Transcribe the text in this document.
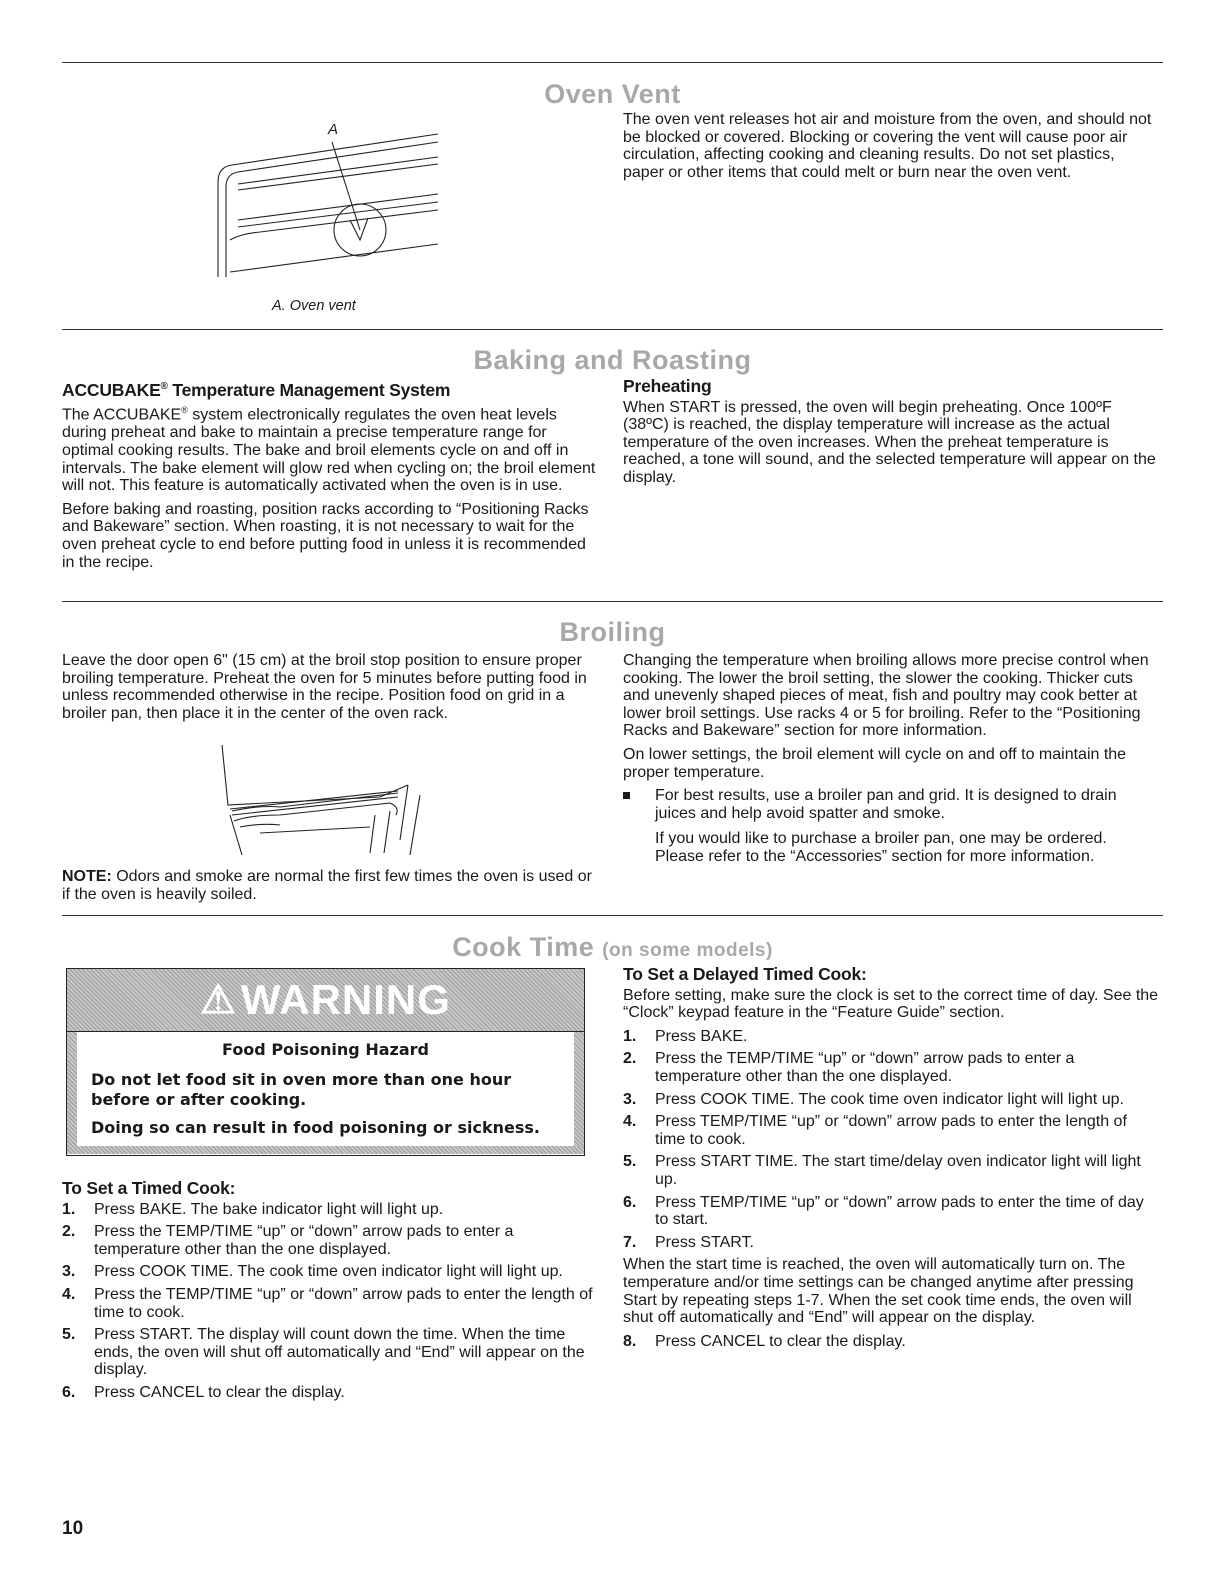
Oven Vent
A
A. Oven vent

The oven vent releases hot air and moisture from the oven, and should not be blocked or covered. Blocking or covering the vent will cause poor air circulation, affecting cooking and cleaning results. Do not set plastics, paper or other items that could melt or burn near the oven vent.

Baking and Roasting
ACCUBAKE® Temperature Management System

The ACCUBAKE® system electronically regulates the oven heat levels during preheat and bake to maintain a precise temperature range for optimal cooking results. The bake and broil elements cycle on and off in intervals. The bake element will glow red when cycling on; the broil element will not. This feature is automatically activated when the oven is in use.

Before baking and roasting, position racks according to “Positioning Racks and Bakeware” section. When roasting, it is not necessary to wait for the oven preheat cycle to end before putting food in unless it is recommended in the recipe.

Preheating

When START is pressed, the oven will begin preheating. Once 100ºF (38ºC) is reached, the display temperature will increase as the actual temperature of the oven increases. When the preheat temperature is reached, a tone will sound, and the selected temperature will appear on the display.

Broiling

Leave the door open 6" (15 cm) at the broil stop position to ensure proper broiling temperature. Preheat the oven for 5 minutes before putting food in unless recommended otherwise in the recipe. Position food on grid in a broiler pan, then place it in the center of the oven rack.

NOTE: Odors and smoke are normal the first few times the oven is used or if the oven is heavily soiled.

Changing the temperature when broiling allows more precise control when cooking. The lower the broil setting, the slower the cooking. Thicker cuts and unevenly shaped pieces of meat, fish and poultry may cook better at lower broil settings. Use racks 4 or 5 for broiling. Refer to the “Positioning Racks and Bakeware” section for more information.

On lower settings, the broil element will cycle on and off to maintain the proper temperature.

For best results, use a broiler pan and grid. It is designed to drain juices and help avoid spatter and smoke.

If you would like to purchase a broiler pan, one may be ordered. Please refer to the “Accessories” section for more information.

Cook Time (on some models)
⚠ WARNING
Food Poisoning Hazard

Do not let food sit in oven more than one hour before or after cooking.

Doing so can result in food poisoning or sickness.

To Set a Timed Cook:
1. Press BAKE. The bake indicator light will light up.
2. Press the TEMP/TIME “up” or “down” arrow pads to enter a temperature other than the one displayed.
3. Press COOK TIME. The cook time oven indicator light will light up.
4. Press the TEMP/TIME “up” or “down” arrow pads to enter the length of time to cook.
5. Press START. The display will count down the time. When the time ends, the oven will shut off automatically and “End” will appear on the display.
6. Press CANCEL to clear the display.
To Set a Delayed Timed Cook:

Before setting, make sure the clock is set to the correct time of day. See the “Clock” keypad feature in the “Feature Guide” section.

1. Press BAKE.
2. Press the TEMP/TIME “up” or “down” arrow pads to enter a temperature other than the one displayed.
3. Press COOK TIME. The cook time oven indicator light will light up.
4. Press TEMP/TIME “up” or “down” arrow pads to enter the length of time to cook.
5. Press START TIME. The start time/delay oven indicator light will light up.
6. Press TEMP/TIME “up” or “down” arrow pads to enter the time of day to start.
7. Press START.

When the start time is reached, the oven will automatically turn on. The temperature and/or time settings can be changed anytime after pressing Start by repeating steps 1-7. When the set cook time ends, the oven will shut off automatically and “End” will appear on the display.

8. Press CANCEL to clear the display.
10
